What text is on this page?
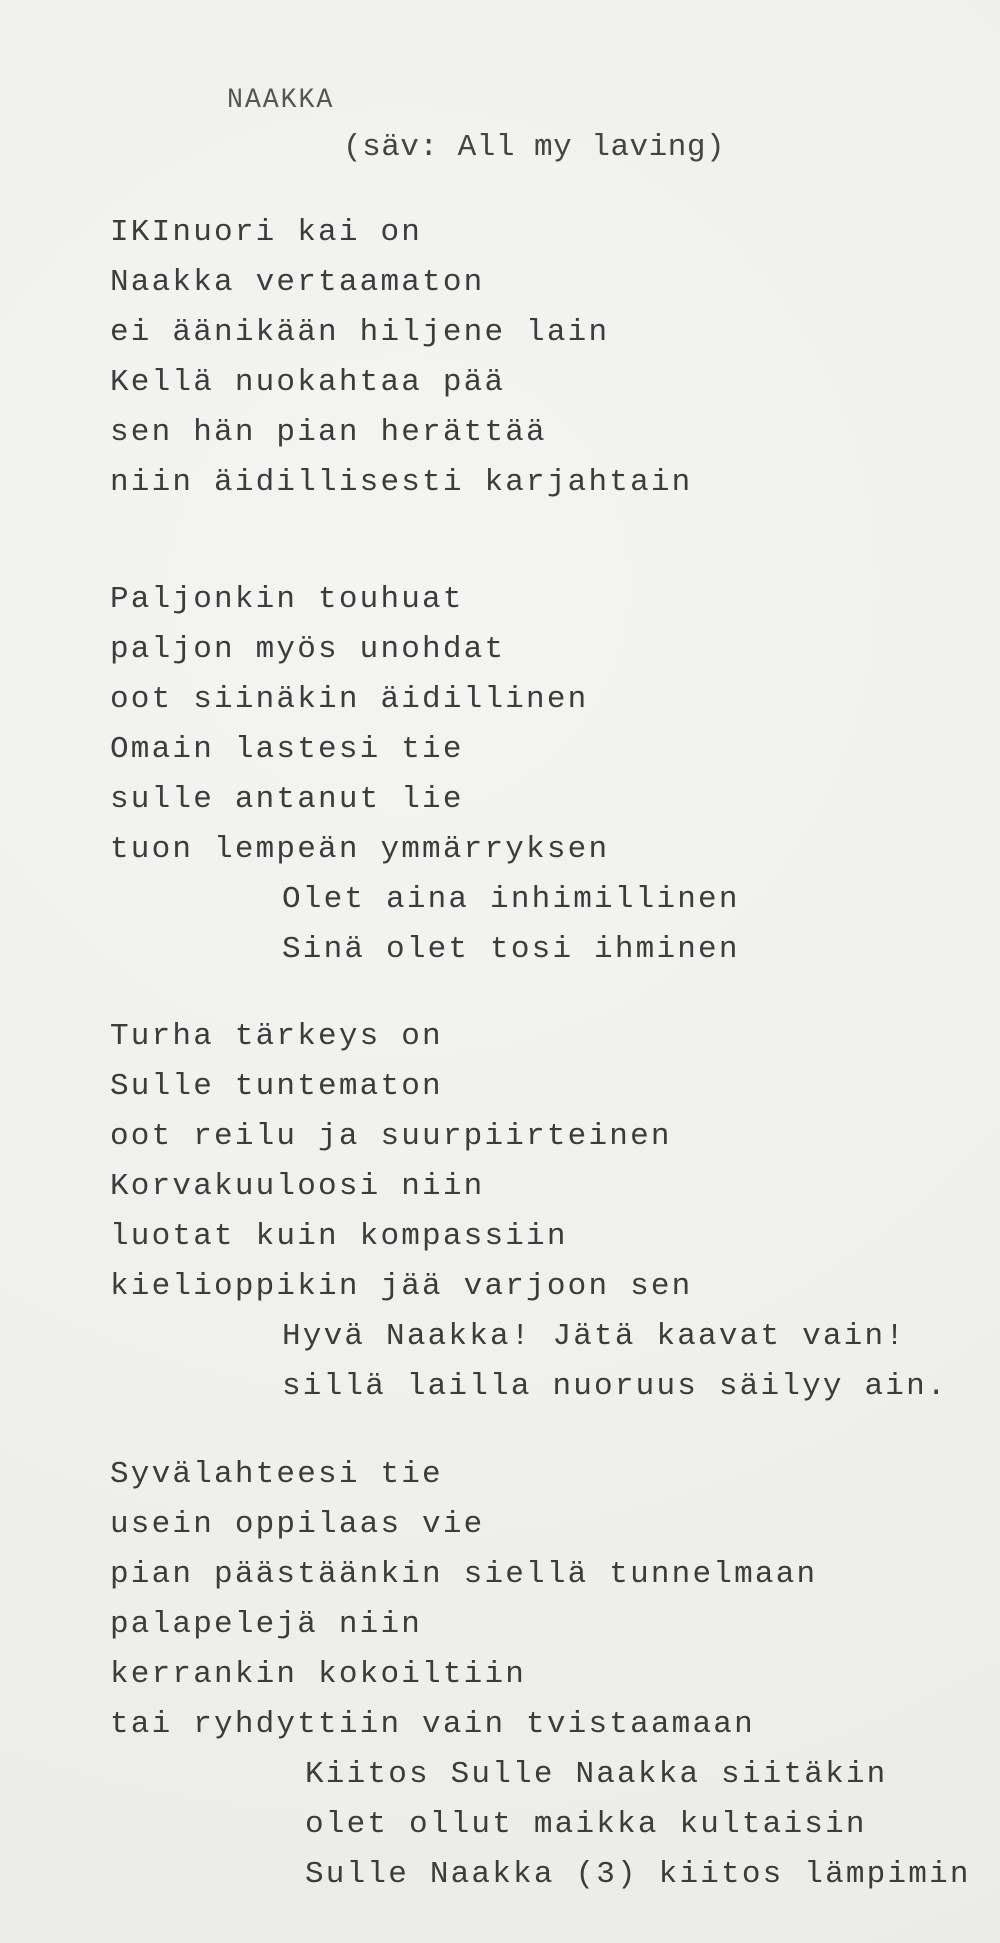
NAAKKA
(säv: All my laving)
IKInuori kai on
Naakka vertaamaton
ei äänikään hiljene lain
Kellä nuokahtaa pää
sen hän pian herättää
niin äidillisesti karjahtain
Paljonkin touhuat
paljon myös unohdat
oot siinäkin äidillinen
Omain lastesi tie
sulle antanut lie
tuon lempeän ymmärryksen
Olet aina inhimillinen
Sinä olet tosi ihminen
Turha tärkeys on
Sulle tuntematon
oot reilu ja suurpiirteinen
Korvakuuloosi niin
luotat kuin kompassiin
kielioppikin jää varjoon sen
Hyvä Naakka! Jätä kaavat vain!
sillä lailla nuoruus säilyy ain.
Syvälahteesi tie
usein oppilaas vie
pian päästäänkin siellä tunnelmaan
palapelejä niin
kerrankin kokoiltiin
tai ryhdyttiin vain tvistaamaan
Kiitos Sulle Naakka siitäkin
olet ollut maikka kultaisin
Sulle Naakka (3) kiitos lämpimin
